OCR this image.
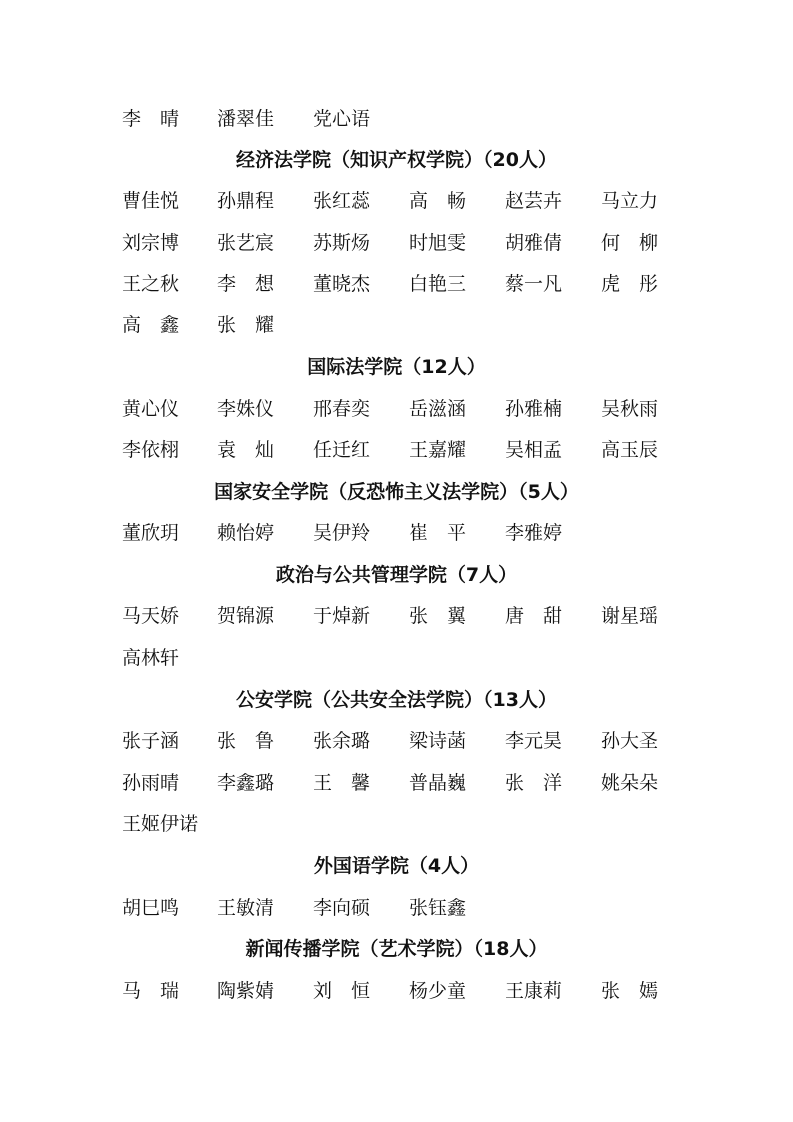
李　晴	潘翠佳	党心语
经济法学院（知识产权学院）（20人）
曹佳悦	孙鼎程	张红蕊	高　畅	赵芸卉	马立力
刘宗博	张艺宸	苏斯炀	时旭雯	胡雅倩	何　柳
王之秋	李　想	董晓杰	白艳三	蔡一凡	虎　彤
高　鑫	张　耀
国际法学院（12人）
黄心仪	李姝仪	邢春奕	岳滋涵	孙雅楠	吴秋雨
李依栩	袁　灿	任迁红	王嘉耀	吴相孟	高玉辰
国家安全学院（反恐怖主义法学院）（5人）
董欣玥	赖怡婷	吴伊羚	崔　平	李雅婷
政治与公共管理学院（7人）
马天娇	贺锦源	于焯新	张　翼	唐　甜	谢星瑶
高林轩
公安学院（公共安全法学院）（13人）
张子涵	张　鲁	张余璐	梁诗菡	李元昊	孙大圣
孙雨晴	李鑫璐	王　馨	普晶巍	张　洋	姚朵朵
王姬伊诺
外国语学院（4人）
胡巳鸣	王敏清	李向硕	张钰鑫
新闻传播学院（艺术学院）（18人）
马　瑞	陶紫婧	刘　恒	杨少童	王康莉	张　嫣
